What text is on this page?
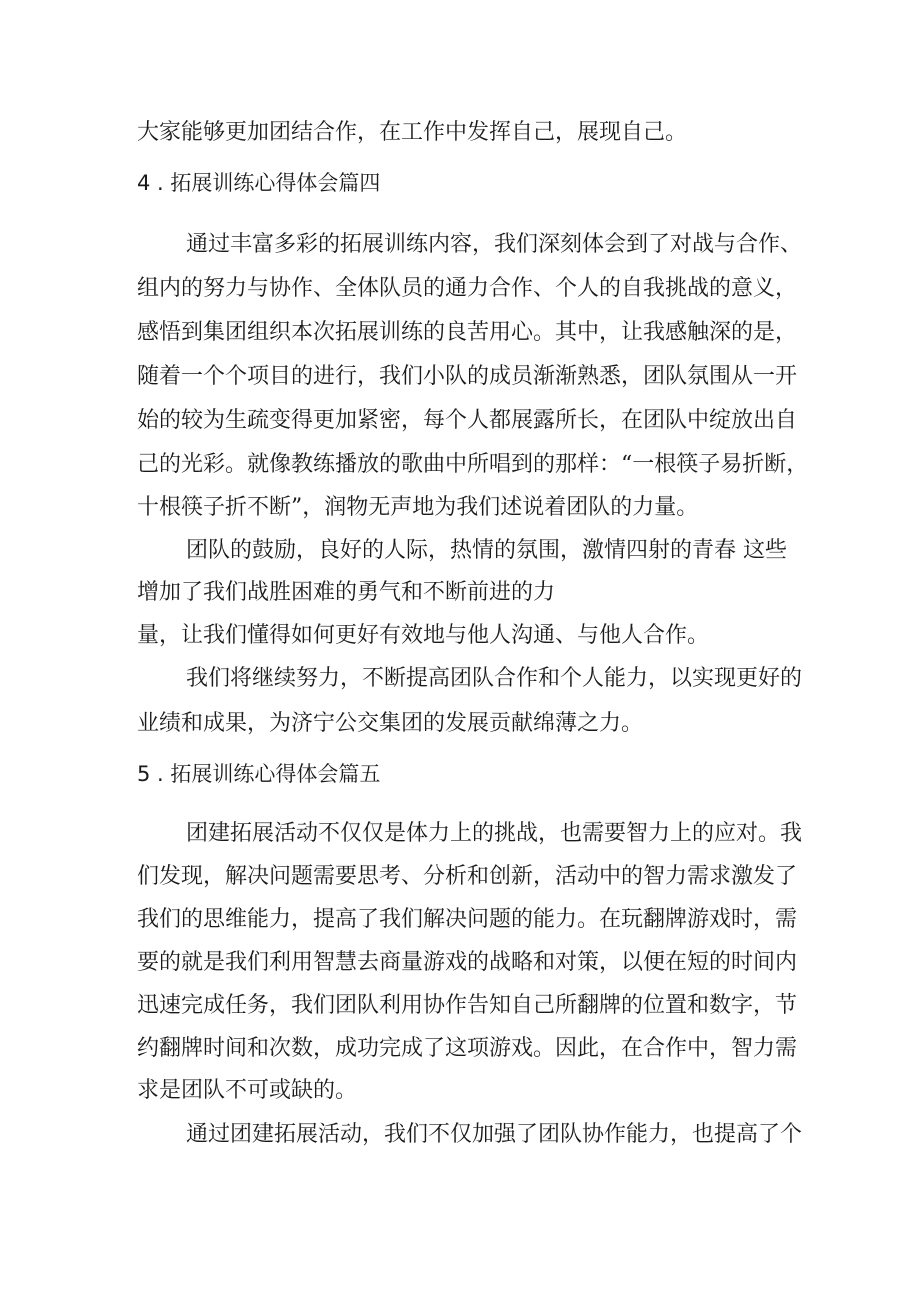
大家能够更加团结合作，在工作中发挥自己，展现自己。
4 . 拓展训练心得体会篇四
通过丰富多彩的拓展训练内容，我们深刻体会到了对战与合作、
组内的努力与协作、全体队员的通力合作、个人的自我挑战的意义，
感悟到集团组织本次拓展训练的良苦用心。其中，让我感触深的是，
随着一个个项目的进行，我们小队的成员渐渐熟悉，团队氛围从一开
始的较为生疏变得更加紧密，每个人都展露所长，在团队中绽放出自
己的光彩。就像教练播放的歌曲中所唱到的那样：“一根筷子易折断，
十根筷子折不断”，润物无声地为我们述说着团队的力量。
团队的鼓励，良好的人际，热情的氛围，激情四射的青春 这些
增加了我们战胜困难的勇气和不断前进的力
量，让我们懂得如何更好有效地与他人沟通、与他人合作。
我们将继续努力，不断提高团队合作和个人能力，以实现更好的
业绩和成果，为济宁公交集团的发展贡献绵薄之力。
5 . 拓展训练心得体会篇五
团建拓展活动不仅仅是体力上的挑战，也需要智力上的应对。我
们发现，解决问题需要思考、分析和创新，活动中的智力需求激发了
我们的思维能力，提高了我们解决问题的能力。在玩翻牌游戏时，需
要的就是我们利用智慧去商量游戏的战略和对策，以便在短的时间内
迅速完成任务，我们团队利用协作告知自己所翻牌的位置和数字，节
约翻牌时间和次数，成功完成了这项游戏。因此，在合作中，智力需
求是团队不可或缺的。
通过团建拓展活动，我们不仅加强了团队协作能力，也提高了个
